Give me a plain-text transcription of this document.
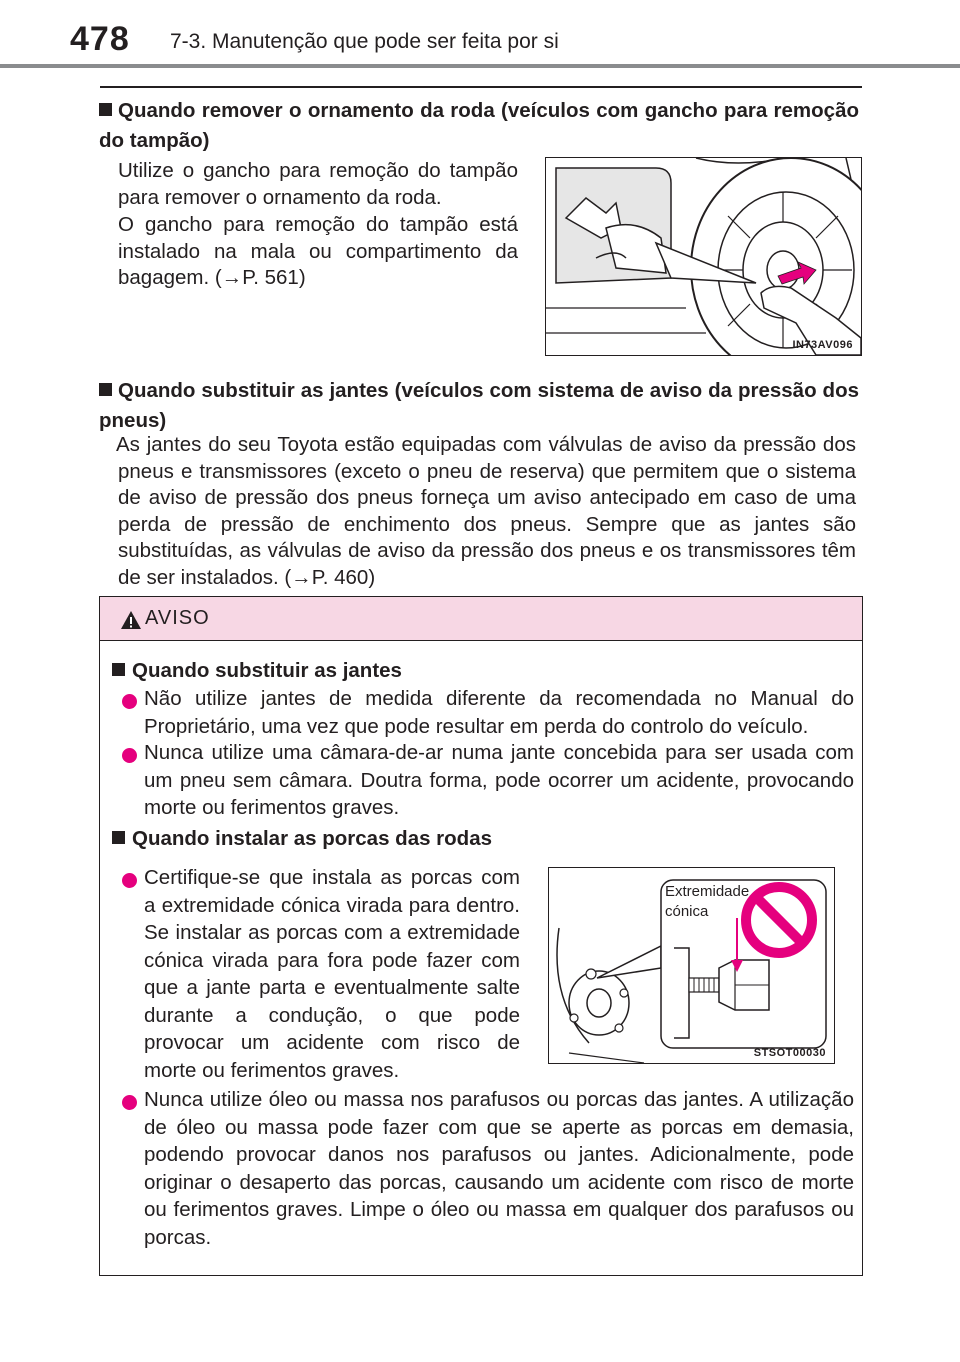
478 7-3. Manutenção que pode ser feita por si
Quando remover o ornamento da roda (veículos com gancho para remoção do tampão)
Utilize o gancho para remoção do tampão para remover o ornamento da roda.
O gancho para remoção do tampão está instalado na mala ou compartimento da bagagem. (→P. 561)
IN73AV096
Quando substituir as jantes (veículos com sistema de aviso da pressão dos pneus)
As jantes do seu Toyota estão equipadas com válvulas de aviso da pressão dos pneus e transmissores (exceto o pneu de reserva) que permitem que o sistema de aviso de pressão dos pneus forneça um aviso antecipado em caso de uma perda de pressão de enchimento dos pneus. Sempre que as jantes são substituídas, as válvulas de aviso da pressão dos pneus e os transmissores têm de ser instalados. (→P. 460)
AVISO
Quando substituir as jantes
Não utilize jantes de medida diferente da recomendada no Manual do Proprietário, uma vez que pode resultar em perda do controlo do veículo.
Nunca utilize uma câmara-de-ar numa jante concebida para ser usada com um pneu sem câmara. Doutra forma, pode ocorrer um acidente, provocando morte ou ferimentos graves.
Quando instalar as porcas das rodas
Certifique-se que instala as porcas com a extremidade cónica virada para dentro. Se instalar as porcas com a extremidade cónica virada para fora pode fazer com que a jante parta e eventualmente salte durante a condução, o que pode provocar um acidente com risco de morte ou ferimentos graves.
Extremidade
cónica
STSOT00030
Nunca utilize óleo ou massa nos parafusos ou porcas das jantes. A utilização de óleo ou massa pode fazer com que se aperte as porcas em demasia, podendo provocar danos nos parafusos ou jantes. Adicionalmente, pode originar o desaperto das porcas, causando um acidente com risco de morte ou ferimentos graves. Limpe o óleo ou massa em qualquer dos parafusos ou porcas.
